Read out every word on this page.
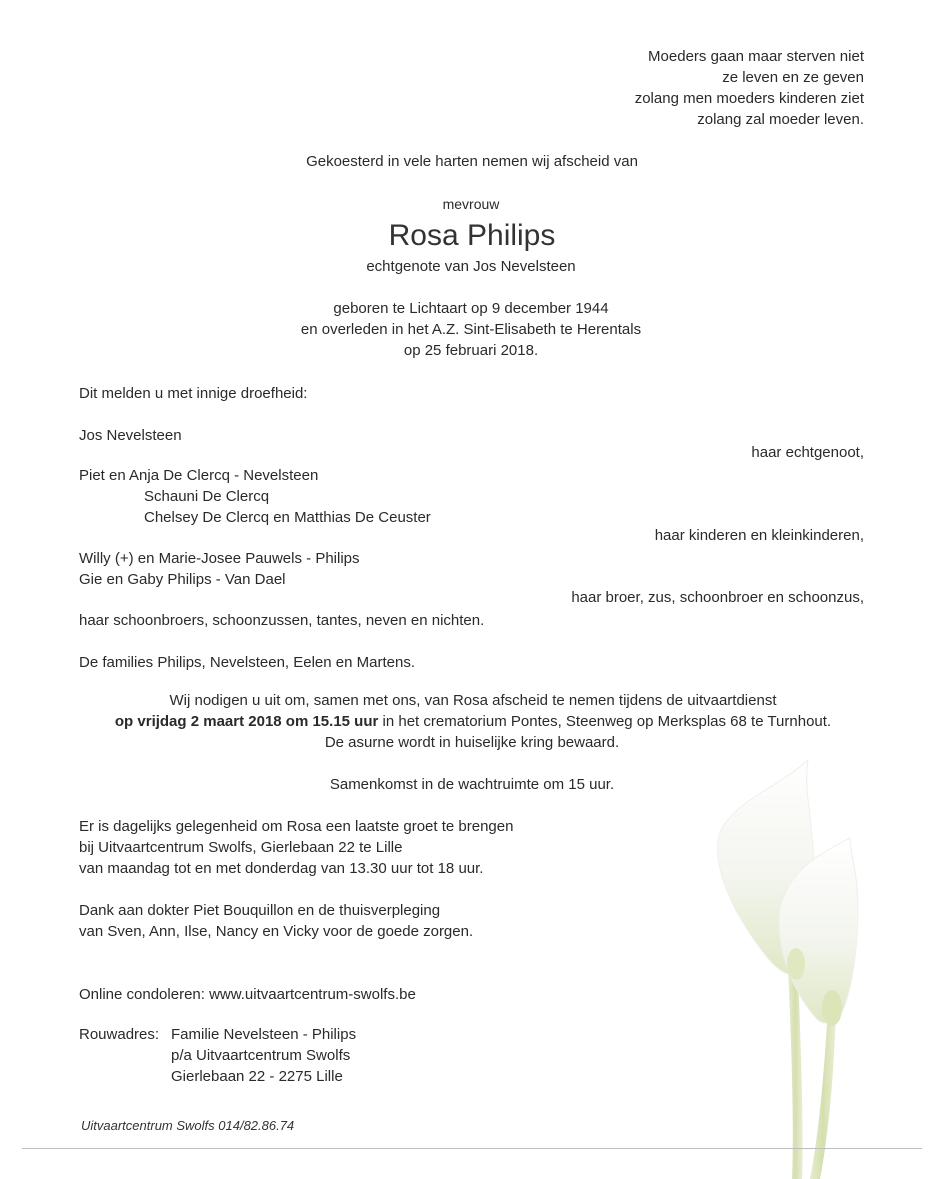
Moeders gaan maar sterven niet
ze leven en ze geven
zolang men moeders kinderen ziet
zolang zal moeder leven.
Gekoesterd in vele harten nemen wij afscheid van
mevrouw
Rosa Philips
echtgenote van Jos Nevelsteen
geboren te Lichtaart op 9 december 1944
en overleden in het A.Z. Sint-Elisabeth te Herentals
op 25 februari 2018.
Dit melden u met innige droefheid:
Jos Nevelsteen
haar echtgenoot,
Piet en Anja De Clercq - Nevelsteen
Schauni De Clercq
Chelsey De Clercq en Matthias De Ceuster
haar kinderen en kleinkinderen,
Willy (+) en Marie-Josee Pauwels - Philips
Gie en Gaby Philips - Van Dael
haar broer, zus, schoonbroer en schoonzus,
haar schoonbroers, schoonzussen, tantes, neven en nichten.
De families Philips, Nevelsteen, Eelen en Martens.
Wij nodigen u uit om, samen met ons, van Rosa afscheid te nemen tijdens de uitvaartdienst
op vrijdag 2 maart 2018 om 15.15 uur in het crematorium Pontes, Steenweg op Merksplas 68 te Turnhout.
De asurne wordt in huiselijke kring bewaard.
Samenkomst in de wachtruimte om 15 uur.
Er is dagelijks gelegenheid om Rosa een laatste groet te brengen
bij Uitvaartcentrum Swolfs, Gierlebaan 22 te Lille
van maandag tot en met donderdag van 13.30 uur tot 18 uur.
Dank aan dokter Piet Bouquillon en de thuisverpleging
van Sven, Ann, Ilse, Nancy en Vicky voor de goede zorgen.
Online condoleren: www.uitvaartcentrum-swolfs.be
Rouwadres: Familie Nevelsteen - Philips
p/a Uitvaartcentrum Swolfs
Gierlebaan 22 - 2275 Lille
Uitvaartcentrum Swolfs 014/82.86.74
